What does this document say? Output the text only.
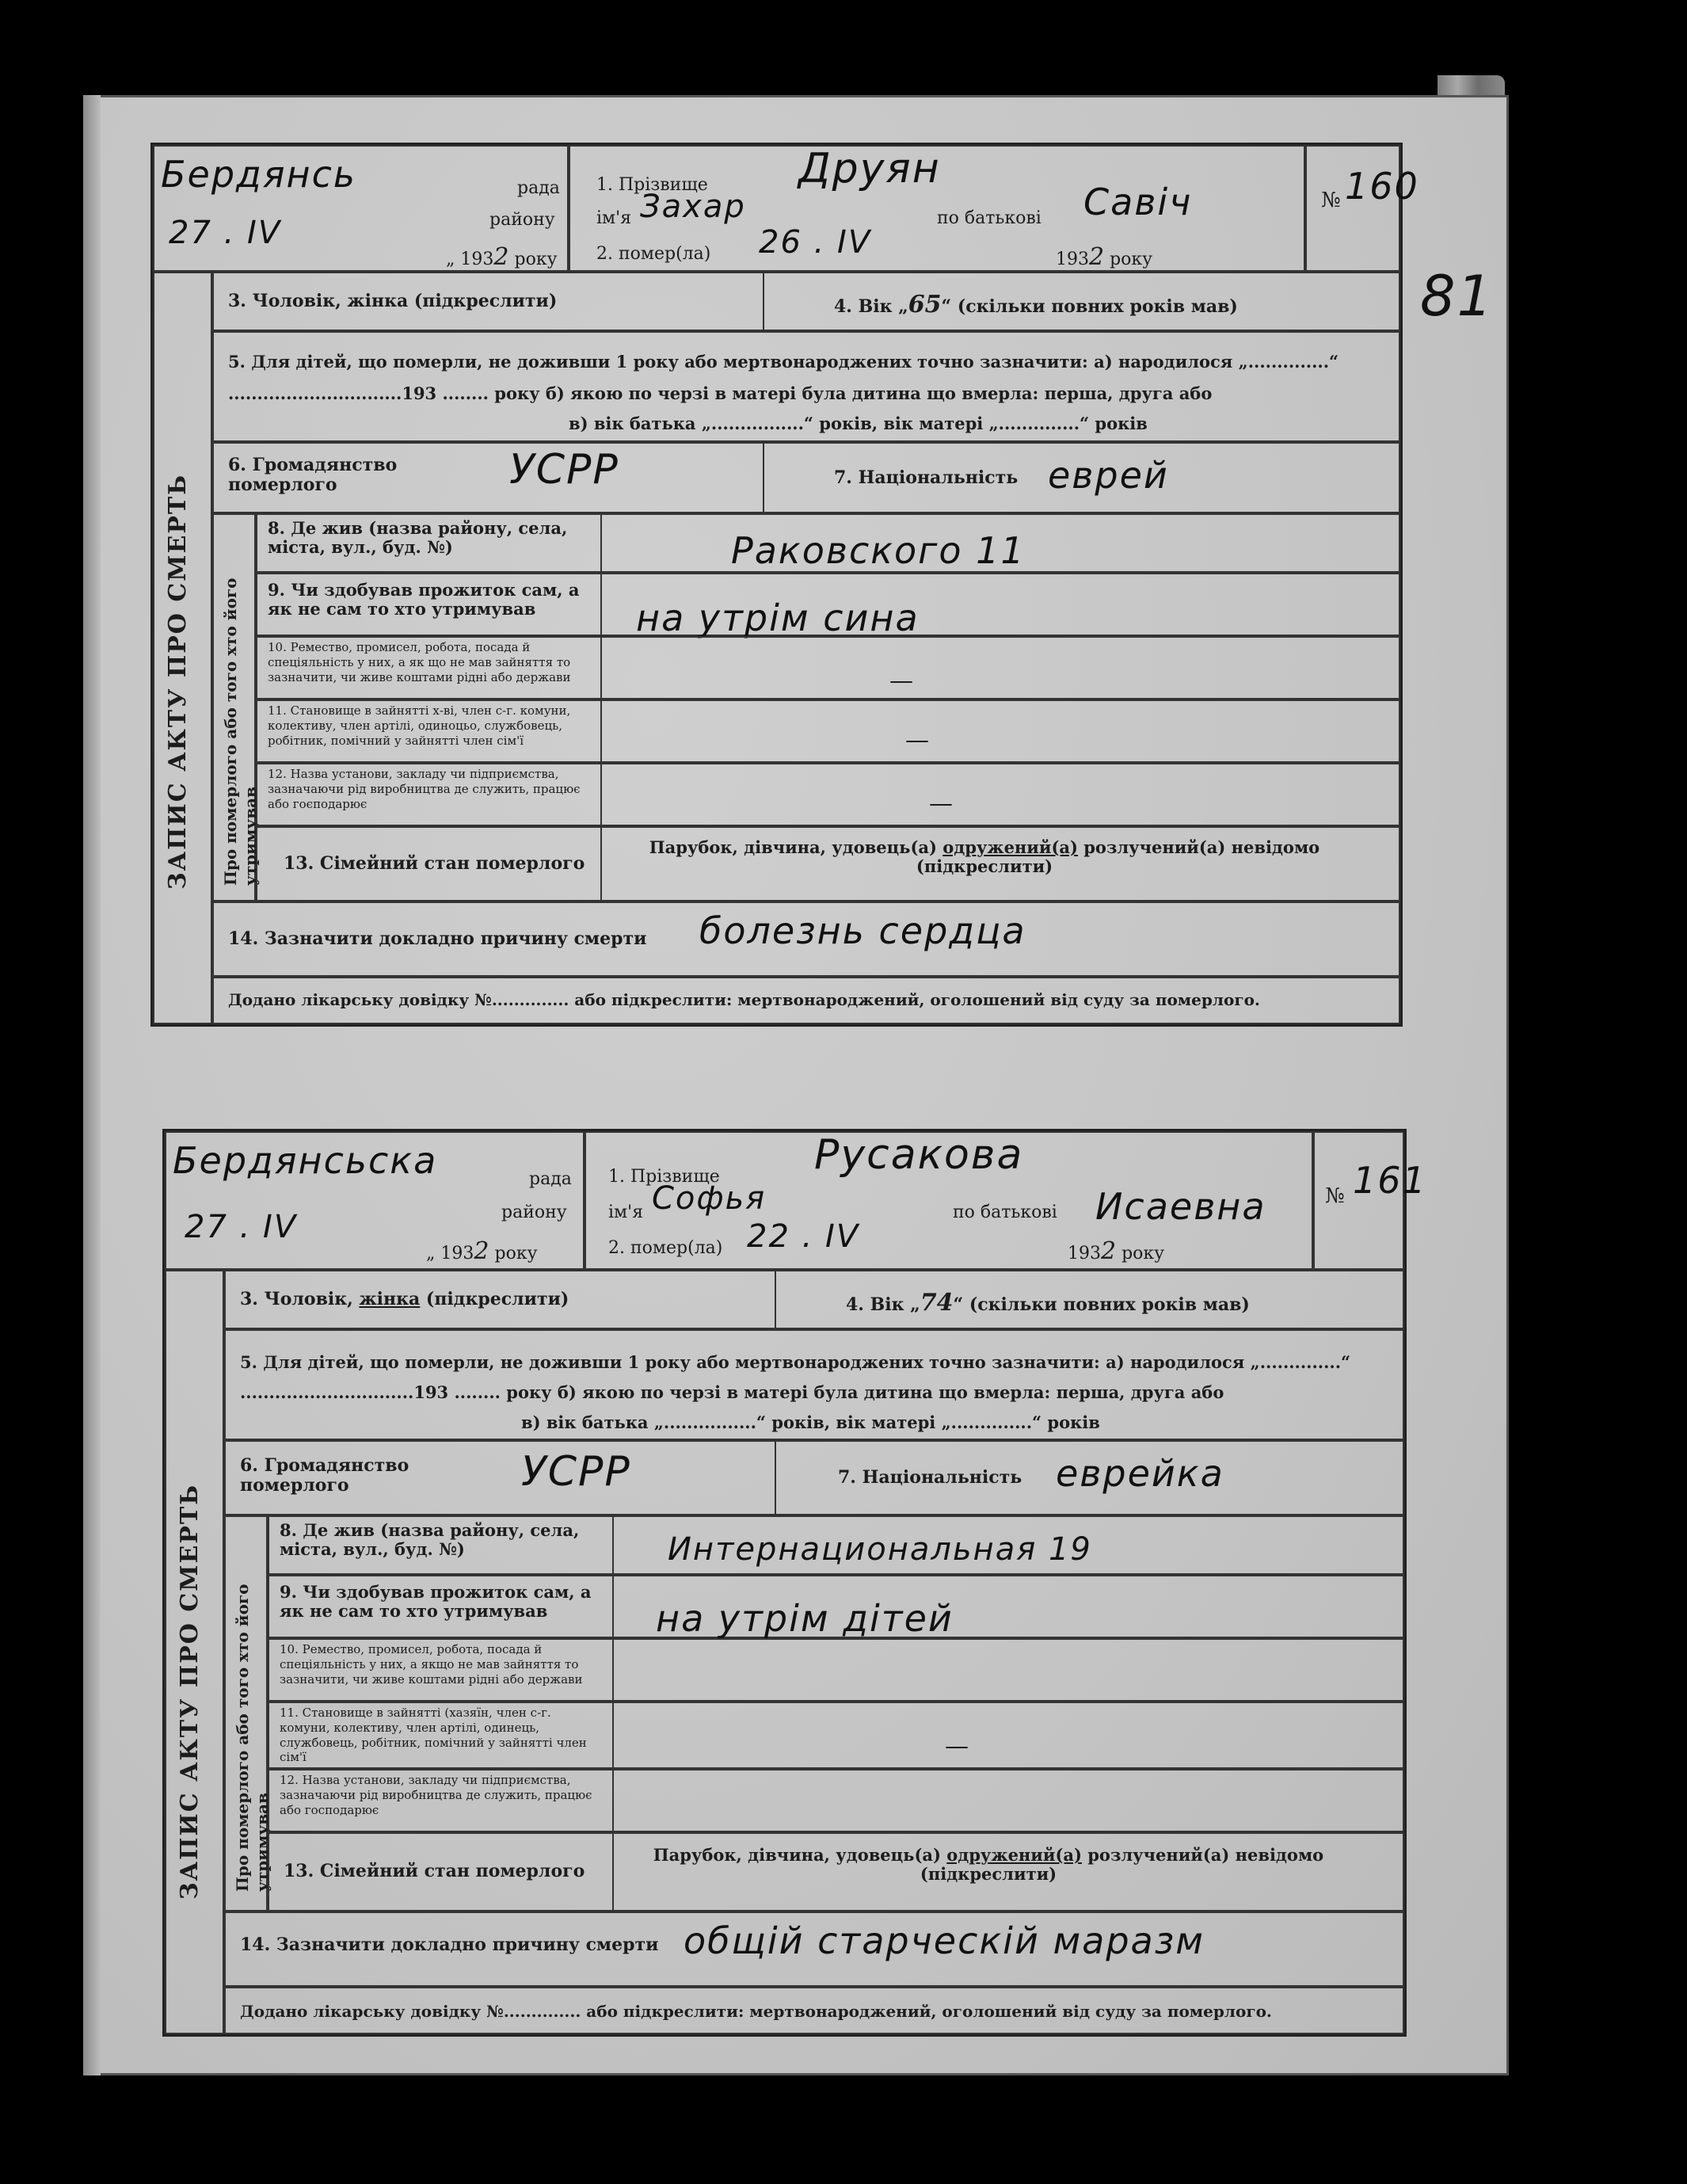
Бердянсь	рада
району
27 . IV
„ 1932 року
1. Прізвище Друян
ім'я Захар	по батькові Савіч
2. помер(ла) 26 . IV	1932 року
№ 160
ЗАПИС АКТУ ПРО СМЕРТЬ
3. Чоловік, жінка (підкреслити)	4. Вік „65“ (скільки повних років мав)	81
5. Для дітей, що померли, не доживши 1 року або мертвонароджених точно зазначити: а) народилося „..............“
..............................193 ........ року б) якою по черзі в матері була дитина що вмерла: перша, друга або
в) вік батька „................“ років, вік матері „..............“ років
6. Громадянство
померлого	УСРР	7. Національність еврей
Про померлого або того хто його утримував
8. Де жив (назва району, села, міста, вул., буд. №)	Раковского 11
9. Чи здобував прожиток сам, а як не сам то хто утримував	на утрім сина
10. Ремество, промисел, робота, посада й спеціяльність у них, а як що не мав зайняття то зазначити, чи живе коштами рідні або держави	—
11. Становище в зайнятті х-ві, член с-г. комуни, колективу, член артілі, одиноцьо, службовець, робітник, помічний у зайнятті член сім'ї	—
12. Назва установи, закладу чи підприємства, зазначаючи рід виробництва де служить, працює або гоєподарює	—
13. Сімейний стан померлого
Парубок, дівчина, удовець(а) одружений(а) розлучений(а) невідомо (підкреслити)
14. Зазначити докладно причину смерти болезнь сердца
Додано лікарську довідку №.............. або підкреслити: мертвонароджений, оголошений від суду за померлого.
Бердянсьска	рада
району
27 . IV
„ 1932 року
1. Прізвище Русакова
ім'я Софья	Исаевна
по батькові
2. помер(ла) 22 . IV	1932 року
№ 161
ЗАПИС АКТУ ПРО СМЕРТЬ
3. Чоловік, жінка (підкреслити)	4. Вік „74“ (скільки повних років мав)
5. Для дітей, що померли, не доживши 1 року або мертвонароджених точно зазначити: а) народилося „..............“
..............................193 ........ року б) якою по черзі в матері була дитина що вмерла: перша, друга або
в) вік батька „................“ років, вік матері „..............“ років
6. Громадянство
померлого	УСРР	7. Національність еврейка
Про померлого або того хто його утримував
8. Де жив (назва району, села, міста, вул., буд. №)	Интернациональная 19
9. Чи здобував прожиток сам, а як не сам то хто утримував	на утрім дітей
10. Ремество, промисел, робота, посада й спеціяльність у них, а якщо не мав зайняття то зазначити, чи живе коштами рідні або держави
11. Становище в зайнятті (хазяїн, член с-г. комуни, колективу, член артілі, одинець, службовець, робітник, помічний у зайнятті член сім'ї	—
12. Назва установи, закладу чи підприємства, зазначаючи рід виробництва де служить, працює або господарює
13. Сімейний стан померлого
Парубок, дівчина, удовець(а) одружений(а) розлучений(а) невідомо (підкреслити)
14. Зазначити докладно причину смерти общій старческій маразм
Додано лікарську довідку №.............. або підкреслити: мертвонароджений, оголошений від суду за померлого.
